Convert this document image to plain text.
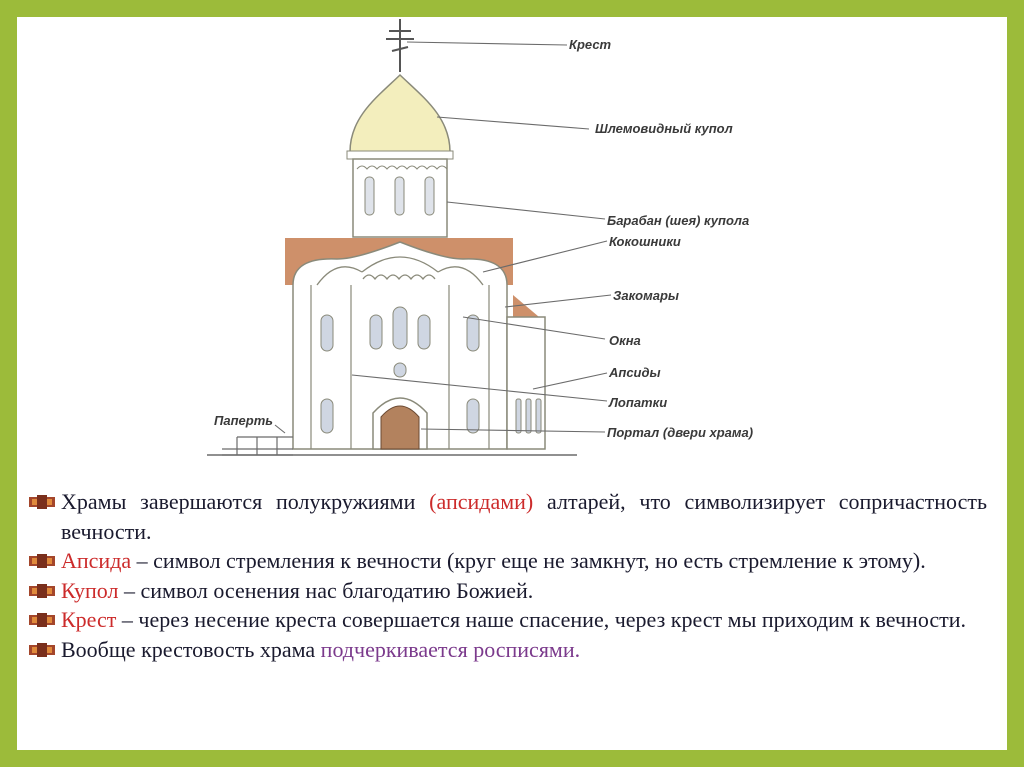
Крест
Шлемовидный купол
Барабан (шея) купола
Кокошники
Закомары
Окна
Апсиды
Лопатки
Портал (двери храма)
Паперть
Храмы завершаются полукружиями (апсидами) алтарей, что символизирует сопричастность вечности.
Апсида – символ стремления к вечности (круг еще не замкнут, но есть стремление к этому).
Купол – символ осенения нас благодатию Божией.
Крест – через несение креста совершается наше спасение, через крест мы приходим к вечности.
Вообще крестовость храма подчеркивается росписями.
